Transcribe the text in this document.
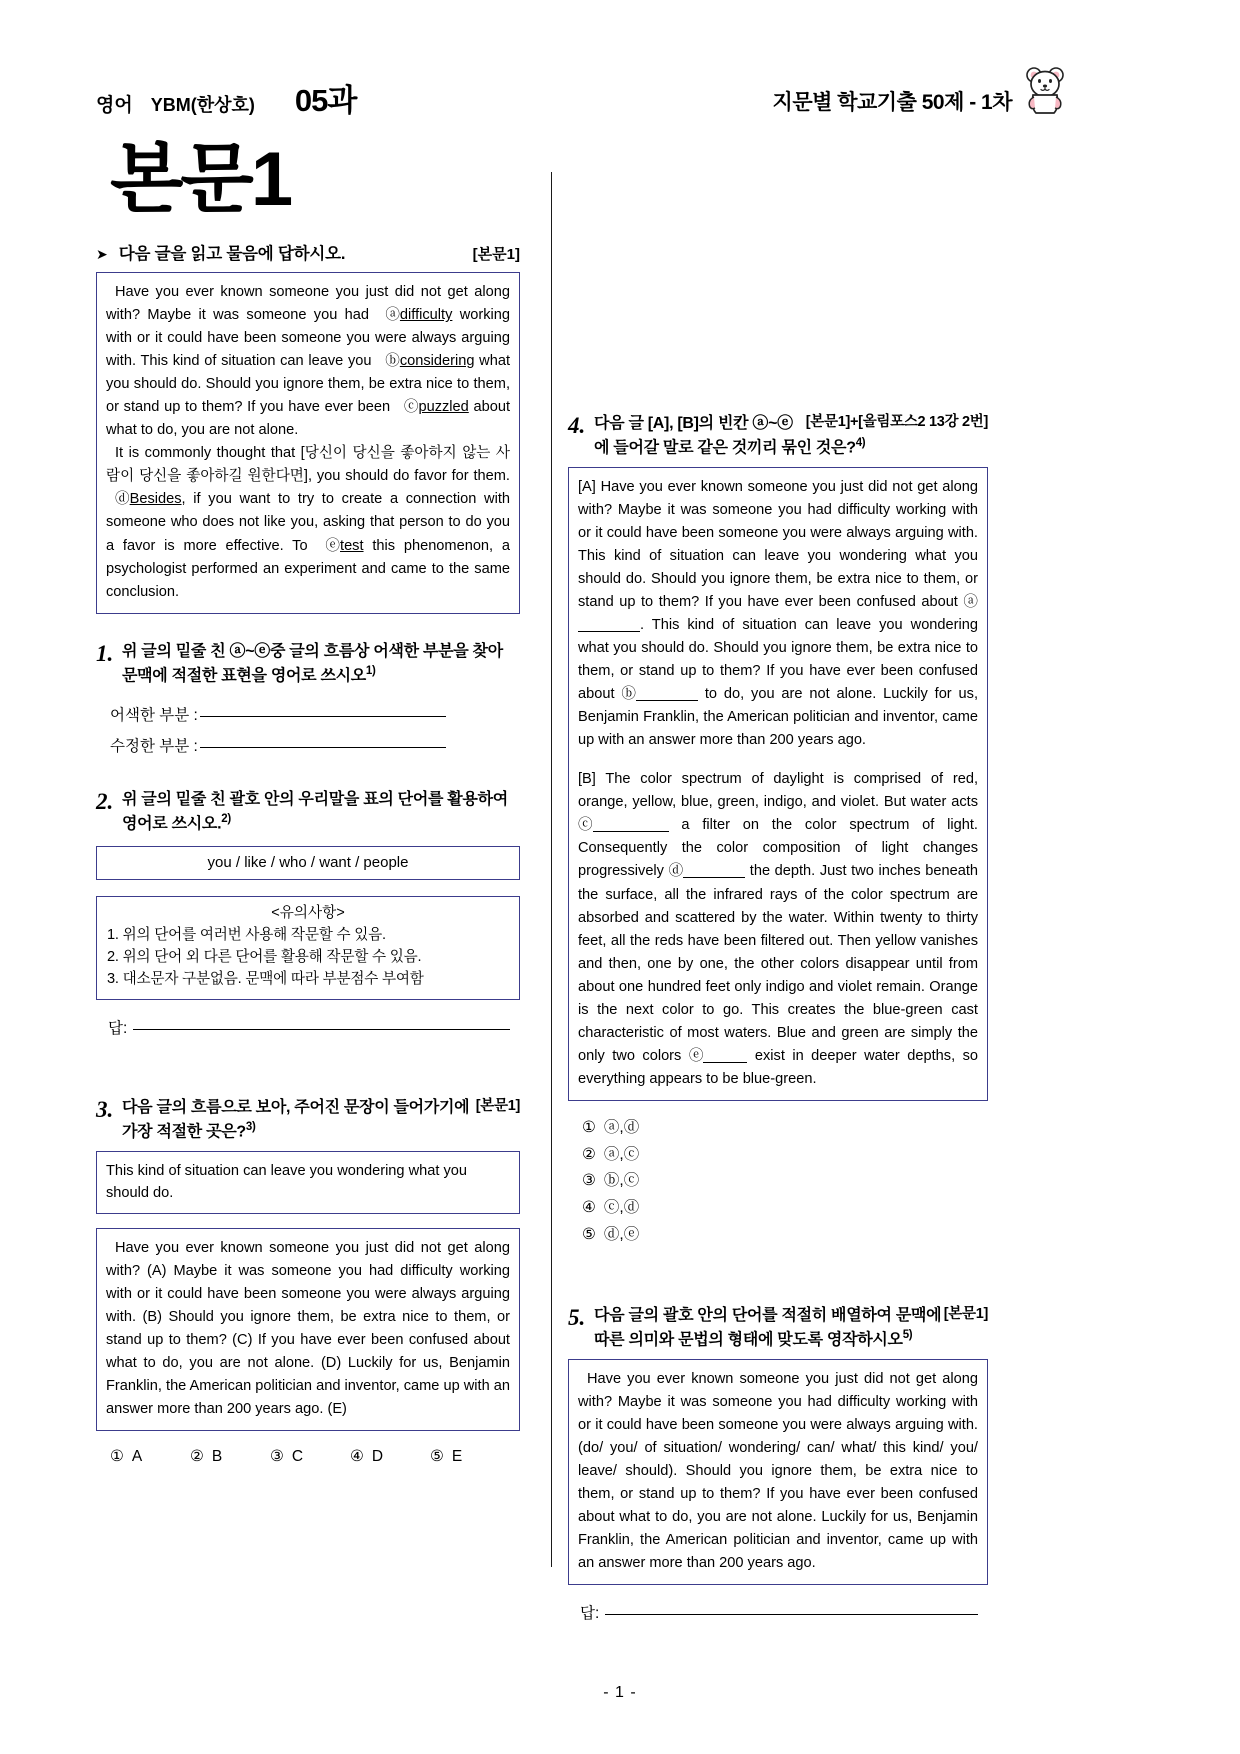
영어 YBM(한상호) 05과	지문별 학교기출 50제 - 1차
본문1
➤ 다음 글을 읽고 물음에 답하시오.	[본문1]

Have you ever known someone you just did not get along with? Maybe it was someone you had ⓐdifficulty working with or it could have been someone you were always arguing with. This kind of situation can leave you ⓑconsidering what you should do. Should you ignore them, be extra nice to them, or stand up to them? If you have ever been ⓒpuzzled about what to do, you are not alone.

It is commonly thought that [당신이 당신을 좋아하지 않는 사람이 당신을 좋아하길 원한다면], you should do favor for them. ⓓBesides, if you want to try to create a connection with someone who does not like you, asking that person to do you a favor is more effective. To ⓔtest this phenomenon, a psychologist performed an experiment and came to the same conclusion.

1. 위 글의 밑줄 친 ⓐ~ⓔ중 글의 흐름상 어색한 부분을 찾아 문맥에 적절한 표현을 영어로 쓰시오$^{1)}$
어색한 부분 :
수정한 부분 :
2. 위 글의 밑줄 친 괄호 안의 우리말을 표의 단어를 활용하여 영어로 쓰시오.$^{2)}$
you / like / who / want / people
<유의사항>
1. 위의 단어를 여러번 사용해 작문할 수 있음.
2. 위의 단어 외 다른 단어를 활용해 작문할 수 있음.
3. 대소문자 구분없음. 문맥에 따라 부분점수 부여함
답:
3.	[본문1]
다음 글의 흐름으로 보아, 주어진 문장이 들어가기에 가장 적절한 곳은?$^{3)}$
This kind of situation can leave you wondering what you should do.

Have you ever known someone you just did not get along with? (A) Maybe it was someone you had difficulty working with or it could have been someone you were always arguing with. (B) Should you ignore them, be extra nice to them, or stand up to them? (C) If you have ever been confused about what to do, you are not alone. (D) Luckily for us, Benjamin Franklin, the American politician and inventor, came up with an answer more than 200 years ago. (E)

① A	② B	③ C	④ D	⑤ E
4.	[본문1]+[올림포스2 13강 2번]
다음 글 [A], [B]의 빈칸 ⓐ~ⓔ에 들어갈 말로 같은 것끼리 묶인 것은?$^{4)}$

[A] Have you ever known someone you just did not get along with? Maybe it was someone you had difficulty working with or it could have been someone you were always arguing with. This kind of situation can leave you wondering what you should do. Should you ignore them, be extra nice to them, or stand up to them? If you have ever been confused about ⓐ. This kind of situation can leave you wondering what you should do. Should you ignore them, be extra nice to them, or stand up to them? If you have ever been confused about ⓑ	to do, you are not alone. Luckily for us, Benjamin Franklin, the American politician and inventor, came up with an answer more than 200 years ago.

[B] The color spectrum of daylight is comprised of red, orange, yellow, blue, green, indigo, and violet. But water acts ⓒ	a filter on the color spectrum of light. Consequently the color composition of light changes progressively ⓓ	the depth. Just two inches beneath the surface, all the infrared rays of the color spectrum are absorbed and scattered by the water. Within twenty to thirty feet, all the reds have been filtered out. Then yellow vanishes and then, one by one, the other colors disappear until from about one hundred feet only indigo and violet remain. Orange is the next color to go. This creates the blue-green cast characteristic of most waters. Blue and green are simply the only two colors ⓔ	exist in deeper water depths, so everything appears to be blue-green.

① ⓐ,ⓓ
② ⓐ,ⓒ
③ ⓑ,ⓒ
④ ⓒ,ⓓ
⑤ ⓓ,ⓔ
5.	[본문1]
다음 글의 괄호 안의 단어를 적절히 배열하여 문맥에 따른 의미와 문법의 형태에 맞도록 영작하시오$^{5)}$

Have you ever known someone you just did not get along with? Maybe it was someone you had difficulty working with or it could have been someone you were always arguing with. (do/ you/ of situation/ wondering/ can/ what/ this kind/ you/ leave/ should). Should you ignore them, be extra nice to them, or stand up to them? If you have ever been confused about what to do, you are not alone. Luckily for us, Benjamin Franklin, the American politician and inventor, came up with an answer more than 200 years ago.

답:
- 1 -
